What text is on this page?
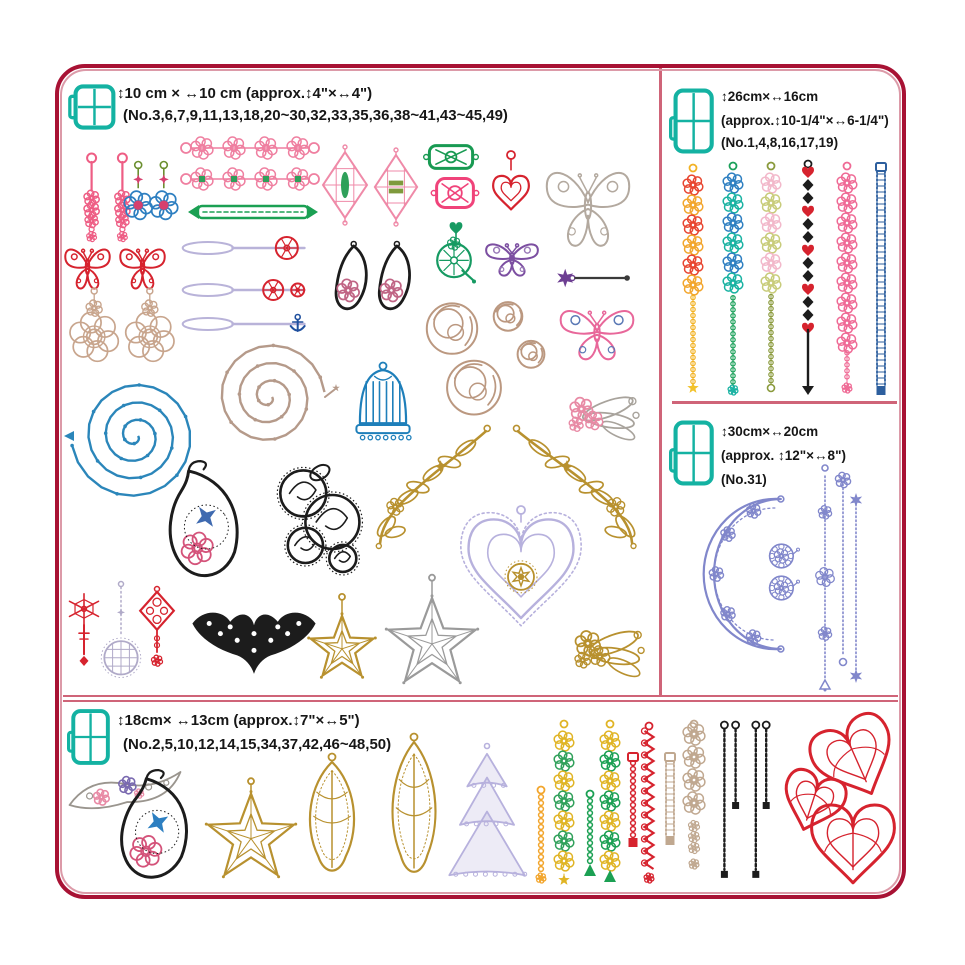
↕10 cm × ↔10 cm (approx.↕4"×↔4")
(No.3,6,7,9,11,13,18,20~30,32,33,35,36,38~41,43~45,49)
↕26cm×↔16cm
(approx.↕10-1/4"×↔6-1/4")
(No.1,4,8,16,17,19)
↕30cm×↔20cm
(approx. ↕12"×↔8")
(No.31)
↕18cm× ↔13cm (approx.↕7"×↔5")
(No.2,5,10,12,14,15,34,37,42,46~48,50)
